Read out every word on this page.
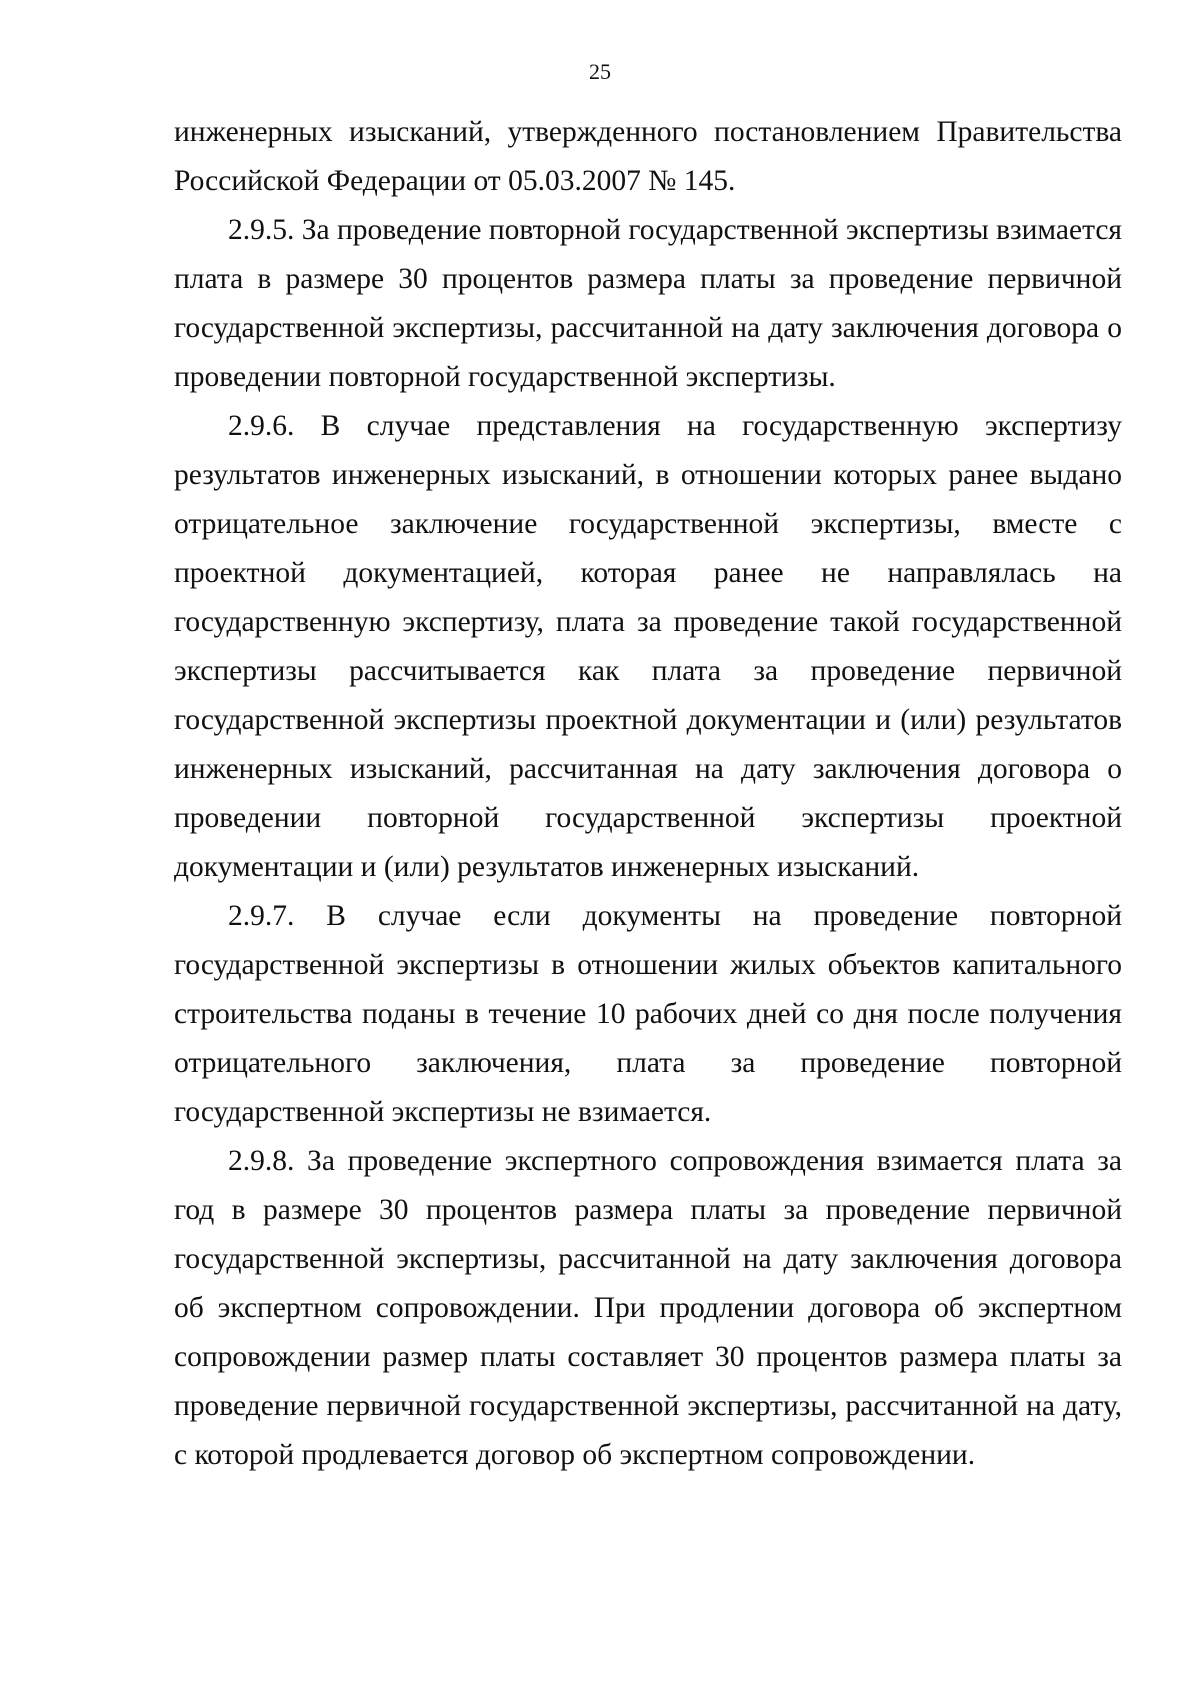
25

инженерных изысканий, утвержденного постановлением Правительства Российской Федерации от 05.03.2007 № 145.

2.9.5. За проведение повторной государственной экспертизы взимается плата в размере 30 процентов размера платы за проведение первичной государственной экспертизы, рассчитанной на дату заключения договора о проведении повторной государственной экспертизы.

2.9.6. В случае представления на государственную экспертизу результатов инженерных изысканий, в отношении которых ранее выдано отрицательное заключение государственной экспертизы, вместе с проектной документацией, которая ранее не направлялась на государственную экспертизу, плата за проведение такой государственной экспертизы рассчитывается как плата за проведение первичной государственной экспертизы проектной документации и (или) результатов инженерных изысканий, рассчитанная на дату заключения договора о проведении повторной государственной экспертизы проектной документации и (или) результатов инженерных изысканий.

2.9.7. В случае если документы на проведение повторной государственной экспертизы в отношении жилых объектов капитального строительства поданы в течение 10 рабочих дней со дня после получения отрицательного заключения, плата за проведение повторной государственной экспертизы не взимается.

2.9.8. За проведение экспертного сопровождения взимается плата за год в размере 30 процентов размера платы за проведение первичной государственной экспертизы, рассчитанной на дату заключения договора об экспертном сопровождении. При продлении договора об экспертном сопровождении размер платы составляет 30 процентов размера платы за проведение первичной государственной экспертизы, рассчитанной на дату, с которой продлевается договор об экспертном сопровождении.
